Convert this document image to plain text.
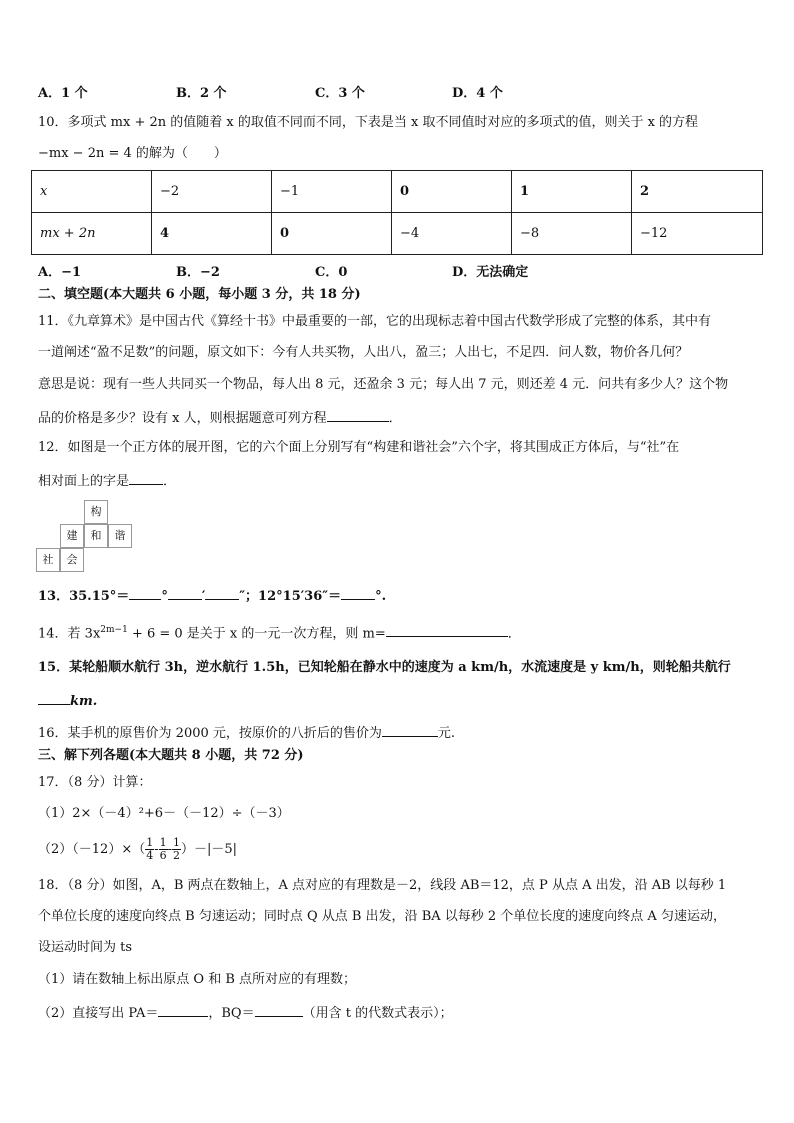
A．1 个	B．2 个	C．3 个	D．4 个
10．多项式 mx + 2n 的值随着 x 的取值不同而不同，下表是当 x 取不同值时对应的多项式的值，则关于 x 的方程
−mx − 2n = 4 的解为（　　）
x	−2	−1	0	1	2
mx + 2n	4	0	−4	−8	−12
A．−1	B．−2	C．0	D．无法确定
二、填空题(本大题共 6 小题，每小题 3 分，共 18 分)
11．《九章算术》是中国古代《算经十书》中最重要的一部，它的出现标志着中国古代数学形成了完整的体系，其中有
一道阐述“盈不足数”的问题，原文如下：今有人共买物，人出八，盈三；人出七，不足四．问人数，物价各几何？
意思是说：现有一些人共同买一个物品，每人出 8 元，还盈余 3 元；每人出 7 元，则还差 4 元．问共有多少人？这个物
品的价格是多少？设有 x 人，则根据题意可列方程	．
12．如图是一个正方体的展开图，它的六个面上分别写有“构建和谐社会”六个字，将其围成正方体后，与“社”在
相对面上的字是	．
构
建	和	谐
社	会
13．35.15°＝ °	′	″；12°15′36″＝	°.
14．若 $3x^{2m-1} + 6 = 0$ 是关于 x 的一元一次方程，则 m=	．
15．某轮船顺水航行 3h，逆水航行 1.5h，已知轮船在静水中的速度为 a km/h，水流速度是 y km/h，则轮船共航行
km.
16．某手机的原售价为 2000 元，按原价的八折后的售价为	元.
三、解下列各题(本大题共 8 小题，共 72 分)
17．（8 分）计算：
（1）2×（－4）²+6－（－12）÷（－3）
$(2)(-12)\times( \frac{1}{4} - \frac{1}{6} - \frac{1}{2} )-|-5|$
18．（8 分）如图，A，B 两点在数轴上，A 点对应的有理数是－2，线段 AB＝12，点 P 从点 A 出发，沿 AB 以每秒 1
个单位长度的速度向终点 B 匀速运动；同时点 Q 从点 B 出发，沿 BA 以每秒 2 个单位长度的速度向终点 A 匀速运动，
设运动时间为 ts
（1）请在数轴上标出原点 O 和 B 点所对应的有理数；
（2）直接写出 PA＝	，BQ＝	（用含 t 的代数式表示）；
